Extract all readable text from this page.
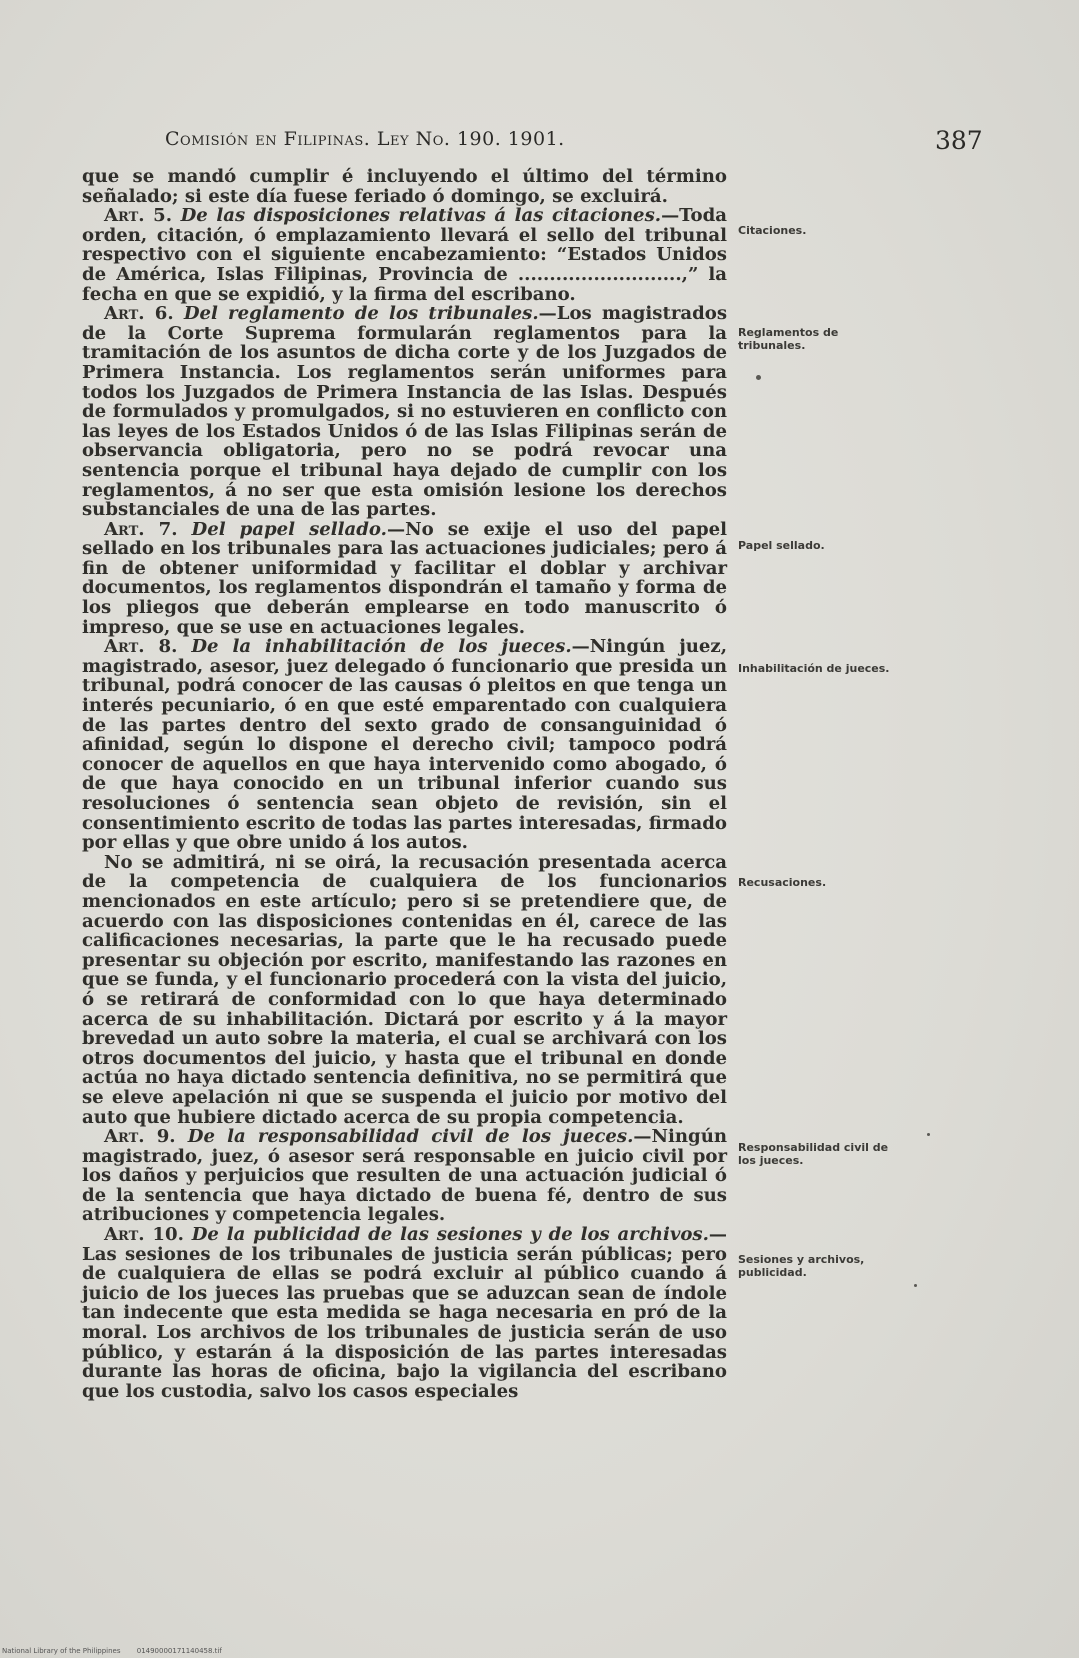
Comisión en Filipinas. Ley No. 190. 1901.	387

que se mandó cumplir é incluyendo el último del término señalado; si este día fuese feriado ó domingo, se excluirá.

Art. 5. De las disposiciones relativas á las citaciones.—Toda orden, citación, ó emplazamiento llevará el sello del tribunal respectivo con el siguiente encabezamiento: “Estados Unidos de América, Islas Filipinas, Provincia de ..........................,” la fecha en que se expidió, y la firma del escribano.

Art. 6. Del reglamento de los tribunales.—Los magistrados de la Corte Suprema formularán reglamentos para la tramitación de los asuntos de dicha corte y de los Juzgados de Primera Instancia. Los reglamentos serán uniformes para todos los Juzgados de Primera Instancia de las Islas. Después de formulados y promulgados, si no estuvieren en conflicto con las leyes de los Estados Unidos ó de las Islas Filipinas serán de observancia obligatoria, pero no se podrá revocar una sentencia porque el tribunal haya dejado de cumplir con los reglamentos, á no ser que esta omisión lesione los derechos substanciales de una de las partes.

Art. 7. Del papel sellado.—No se exije el uso del papel sellado en los tribunales para las actuaciones judiciales; pero á fin de obtener uniformidad y facilitar el doblar y archivar documentos, los reglamentos dispondrán el tamaño y forma de los pliegos que deberán emplearse en todo manuscrito ó impreso, que se use en actuaciones legales.

Art. 8. De la inhabilitación de los jueces.—Ningún juez, magistrado, asesor, juez delegado ó funcionario que presida un tribunal, podrá conocer de las causas ó pleitos en que tenga un interés pecuniario, ó en que esté emparentado con cualquiera de las partes dentro del sexto grado de consanguinidad ó afinidad, según lo dispone el derecho civil; tampoco podrá conocer de aquellos en que haya intervenido como abogado, ó de que haya conocido en un tribunal inferior cuando sus resoluciones ó sentencia sean objeto de revisión, sin el consentimiento escrito de todas las partes interesadas, firmado por ellas y que obre unido á los autos.

No se admitirá, ni se oirá, la recusación presentada acerca de la competencia de cualquiera de los funcionarios mencionados en este artículo; pero si se pretendiere que, de acuerdo con las disposiciones contenidas en él, carece de las calificaciones necesarias, la parte que le ha recusado puede presentar su objeción por escrito, manifestando las razones en que se funda, y el funcionario procederá con la vista del juicio, ó se retirará de conformidad con lo que haya determinado acerca de su inhabilitación. Dictará por escrito y á la mayor brevedad un auto sobre la materia, el cual se archivará con los otros documentos del juicio, y hasta que el tribunal en donde actúa no haya dictado sentencia definitiva, no se permitirá que se eleve apelación ni que se suspenda el juicio por motivo del auto que hubiere dictado acerca de su propia competencia.

Art. 9. De la responsabilidad civil de los jueces.—Ningún magistrado, juez, ó asesor será responsable en juicio civil por los daños y perjuicios que resulten de una actuación judicial ó de la sentencia que haya dictado de buena fé, dentro de sus atribuciones y competencia legales.

Art. 10. De la publicidad de las sesiones y de los archivos.—Las sesiones de los tribunales de justicia serán públicas; pero de cualquiera de ellas se podrá excluir al público cuando á juicio de los jueces las pruebas que se aduzcan sean de índole tan indecente que esta medida se haga necesaria en pró de la moral. Los archivos de los tribunales de justicia serán de uso público, y estarán á la disposición de las partes interesadas durante las horas de oficina, bajo la vigilancia del escribano que los custodia, salvo los casos especiales

Citaciones.
Reglamentos de tribunales.
Papel sellado.
Inhabilitación de jueces.
Recusaciones.
Responsabilidad civil de los jueces.
Sesiones y archivos, publicidad.
National Library of the Philippines 01490000171140458.tif
